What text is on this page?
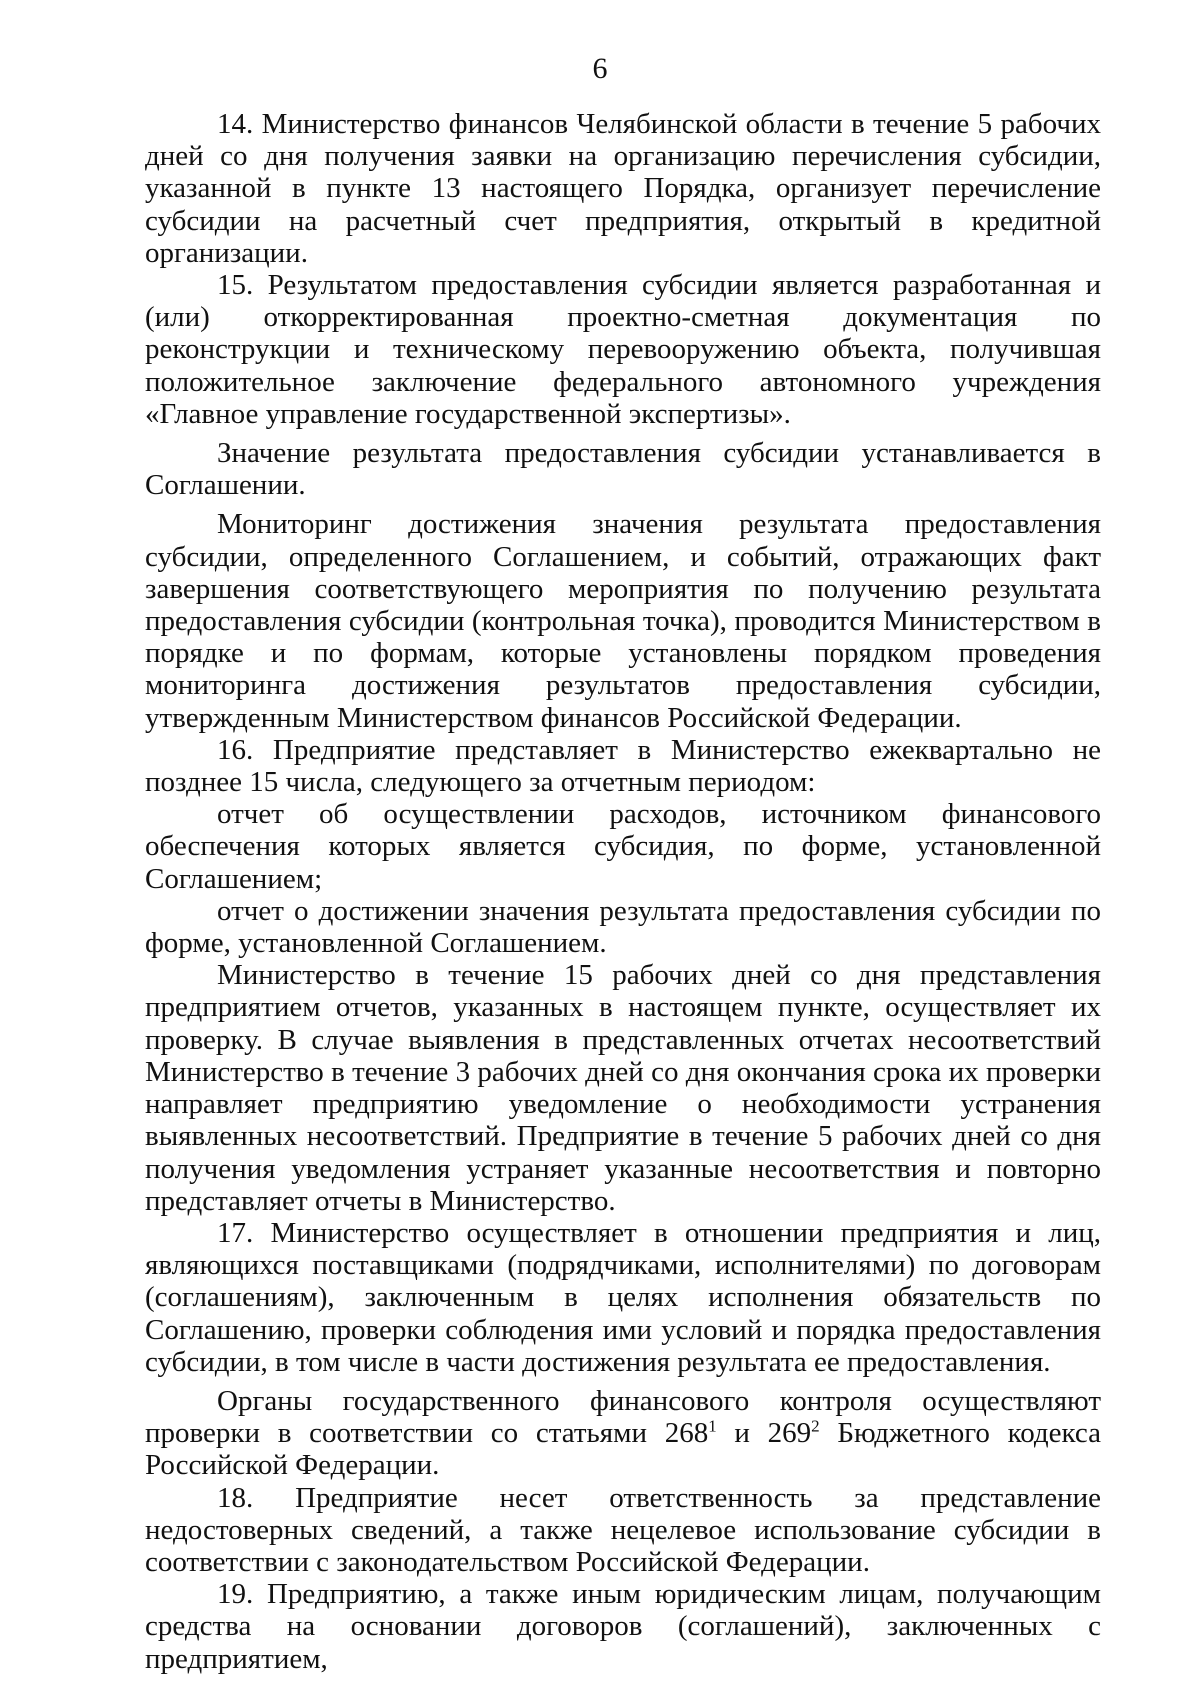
6

14. Министерство финансов Челябинской области в течение 5 рабочих дней со дня получения заявки на организацию перечисления субсидии, указанной в пункте 13 настоящего Порядка, организует перечисление субсидии на расчетный счет предприятия, открытый в кредитной организации.

15. Результатом предоставления субсидии является разработанная и (или) откорректированная проектно-сметная документация по реконструкции и техническому перевооружению объекта, получившая положительное заключение федерального автономного учреждения «Главное управление государственной экспертизы».

Значение результата предоставления субсидии устанавливается в Соглашении.

Мониторинг достижения значения результата предоставления субсидии, определенного Соглашением, и событий, отражающих факт завершения соответствующего мероприятия по получению результата предоставления субсидии (контрольная точка), проводится Министерством в порядке и по формам, которые установлены порядком проведения мониторинга достижения результатов предоставления субсидии, утвержденным Министерством финансов Российской Федерации.

16. Предприятие представляет в Министерство ежеквартально не позднее 15 числа, следующего за отчетным периодом:

отчет об осуществлении расходов, источником финансового обеспечения которых является субсидия, по форме, установленной Соглашением;

отчет о достижении значения результата предоставления субсидии по форме, установленной Соглашением.

Министерство в течение 15 рабочих дней со дня представления предприятием отчетов, указанных в настоящем пункте, осуществляет их проверку. В случае выявления в представленных отчетах несоответствий Министерство в течение 3 рабочих дней со дня окончания срока их проверки направляет предприятию уведомление о необходимости устранения выявленных несоответствий. Предприятие в течение 5 рабочих дней со дня получения уведомления устраняет указанные несоответствия и повторно представляет отчеты в Министерство.

17. Министерство осуществляет в отношении предприятия и лиц, являющихся поставщиками (подрядчиками, исполнителями) по договорам (соглашениям), заключенным в целях исполнения обязательств по Соглашению, проверки соблюдения ими условий и порядка предоставления субсидии, в том числе в части достижения результата ее предоставления.

Органы государственного финансового контроля осуществляют проверки в соответствии со статьями $268^1$ и $269^2$ Бюджетного кодекса Российской Федерации.

18. Предприятие несет ответственность за представление недостоверных сведений, а также нецелевое использование субсидии в соответствии с законодательством Российской Федерации.

19. Предприятию, а также иным юридическим лицам, получающим средства на основании договоров (соглашений), заключенных с предприятием,
